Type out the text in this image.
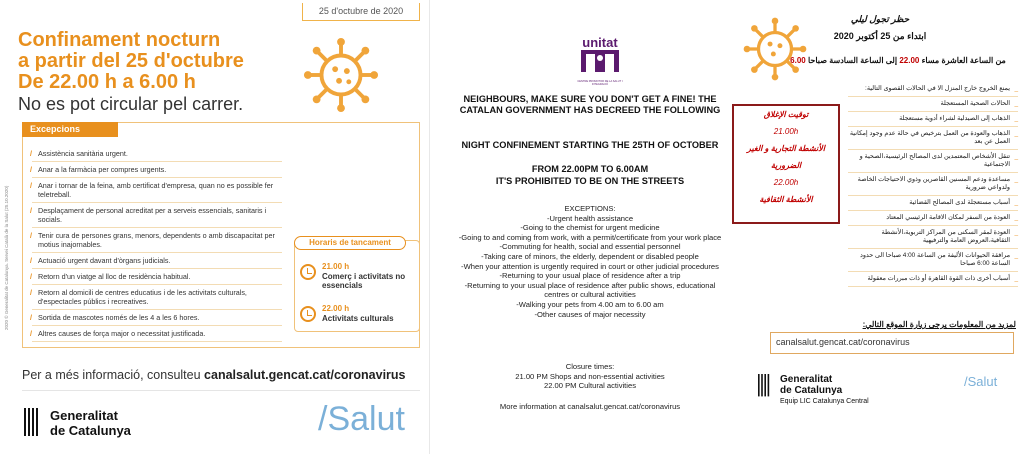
25 d'octubre de 2020
Confinament nocturn
a partir del 25 d'octubre
De 22.00 h a 6.00 h
No es pot circular pel carrer.
Excepcions
/ Assistència sanitària urgent.
/ Anar a la farmàcia per compres urgents.
/ Anar i tornar de la feina, amb certificat d'empresa, quan no es possible fer teletreball.
/ Desplaçament de personal acreditat per a serveis essencials, sanitaris i socials.
/ Tenir cura de persones grans, menors, dependents o amb discapacitat per motius inajornables.
/ Actuació urgent davant d'òrgans judicials.
/ Retorn d'un viatge al lloc de residència habitual.
/ Retorn al domicili de centres educatius i de les activitats culturals, d'espectacles públics i recreatives.
/ Sortida de mascotes només de les 4 a les 6 hores.
/ Altres causes de força major o necessitat justificada.
Horaris de tancament
21.00 h
Comerç i activitats no essencials
22.00 h
Activitats culturals
2020 © Generalitat de Catalunya. Servei Català de la Salut (25.10.2020)
Per a més informació, consulteu canalsalut.gencat.cat/coronavirus
Generalitat
de Catalunya	/Salut
unitat
CENTRE PROMOTOR DE LA SALUT I INTEGRACIÓ
NEIGHBOURS, MAKE SURE YOU DON'T GET A FINE! THE CATALAN GOVERNMENT HAS DECREED THE FOLLOWING
NIGHT CONFINEMENT STARTING THE 25TH OF OCTOBER
FROM 22.00PM TO 6.00AM
IT'S PROHIBITED TO BE ON THE STREETS
EXCEPTIONS:
-Urgent health assistance
-Going to the chemist for urgent medicine
-Going to and coming from work, with a permit/certificate from your work place
-Commuting for health, social and essential personnel
-Taking care of minors, the elderly, dependent or disabled people
-When your attention is urgently required in court or other judicial procedures
-Returning to your usual place of residence after a trip
-Returning to your usual place of residence after public shows, educational centres or cultural activities
-Walking your pets from 4.00 am to 6.00 am
-Other causes of major necessity
Closure times:
21.00 PM Shops and non-essential activities
22.00 PM Cultural activities
More information at canalsalut.gencat.cat/coronavirus
حظر تجول ليلي
ابتداء من 25 أكتوبر 2020
من الساعة العاشرة مساء 22.00 إلى الساعة السادسة صباحا 6.00
توقيت الإغلاق
21.00h
الأنشطة التجارية و الغير
الضرورية
22.00h
الأنشطة الثقافية
_ يمنع الخروج خارج المنزل الا في الحالات القصوى التالية:
_ الحالات الصحية المستعجلة
_ الذهاب إلى الصيدلية لشراء أدوية مستعجلة
_ الذهاب والعودة من العمل بترخيص في حالة عدم وجود إمكانية العمل عن بعد
_ تنقل الأشخاص المعتمدين لدى المصالح الرئيسية،الصحية و الاجتماعية
_ مساعدة ودعم المسنين القاصرين وذوي الاحتياجات الخاصة ولدواعي ضرورية
_ أسباب مستعجلة لدى المصالح القضائية
_ العودة من السفر لمكان الاقامة الرئيسي المعتاد
_ العودة لمقر السكنى من المراكز التربوية،الأنشطة الثقافية،العروض العامة والترفيهية
_ مرافقة الحيوانات الأليفة من الساعة 4:00 صباحا الى حدود الساعة 6:00 صباحا
_ أسباب أخرى ذات القوة القاهرة أو ذات مبررات معقولة
لمزيد من المعلومات يرجى زيارة الموقع التالي:
canalsalut.gencat.cat/coronavirus
Generalitat
de Catalunya
Equip LIC Catalunya Central
/Salut
